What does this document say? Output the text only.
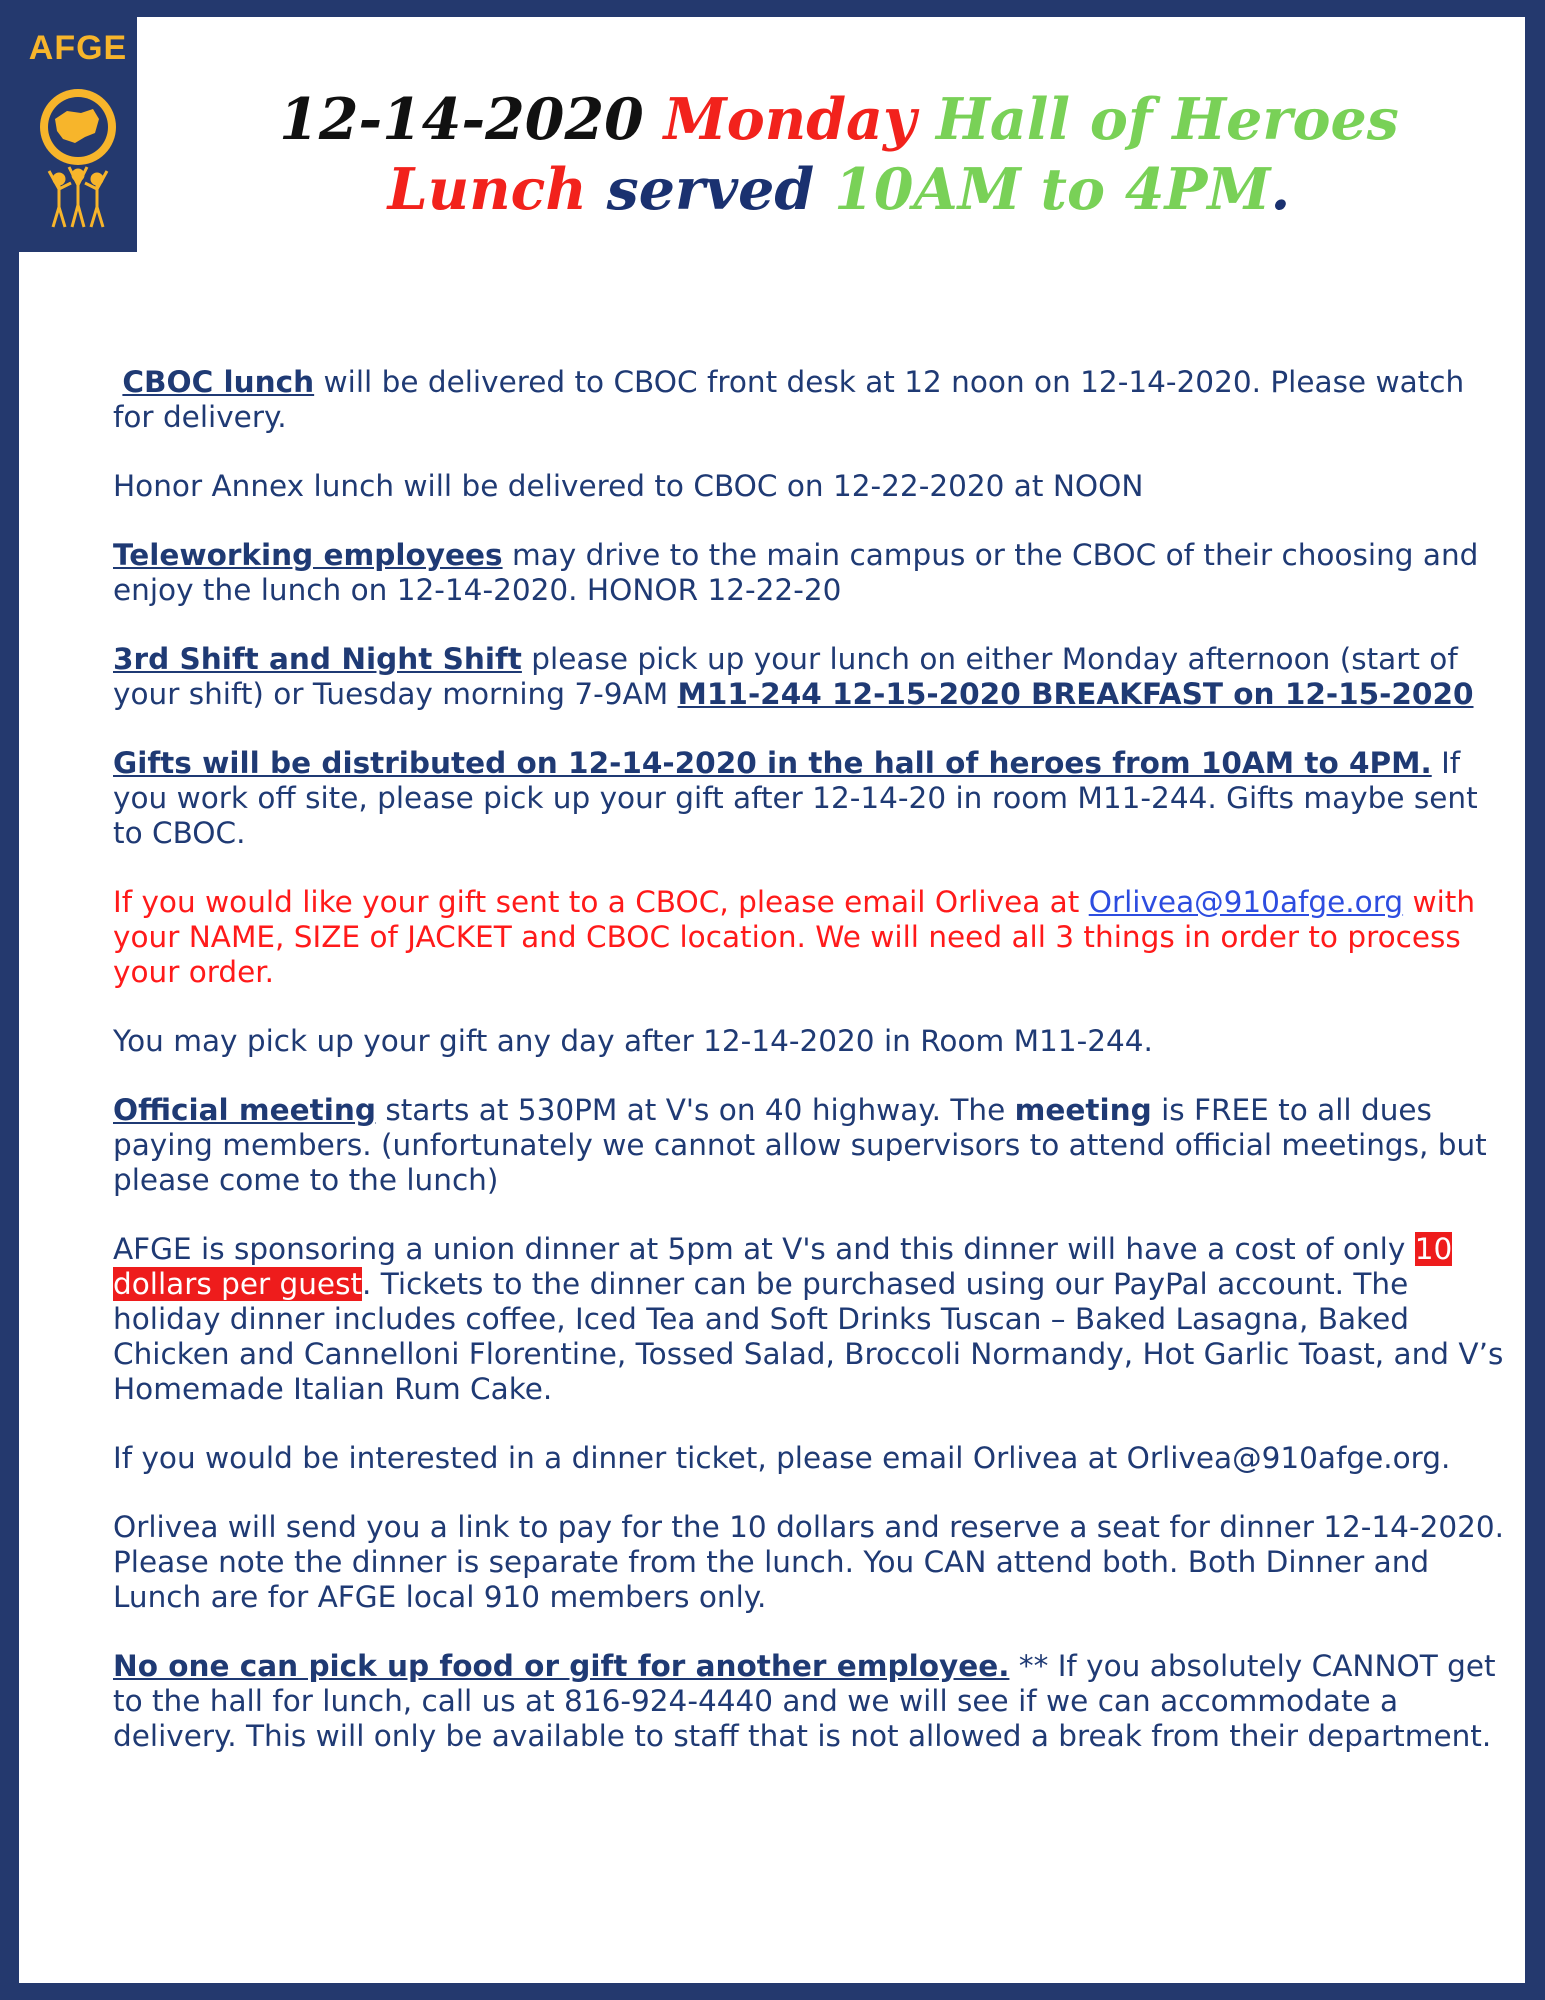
AFGE
12-14-2020 Monday Hall of Heroes
Lunch served 10AM to 4PM.

CBOC lunch will be delivered to CBOC front desk at 12 noon on 12-14-2020. Please watch for delivery.

Honor Annex lunch will be delivered to CBOC on 12-22-2020 at NOON

Teleworking employees may drive to the main campus or the CBOC of their choosing and enjoy the lunch on 12-14-2020. HONOR 12-22-20

3rd Shift and Night Shift please pick up your lunch on either Monday afternoon (start of your shift) or Tuesday morning 7-9AM M11-244 12-15-2020 BREAKFAST on 12-15-2020

Gifts will be distributed on 12-14-2020 in the hall of heroes from 10AM to 4PM. If you work off site, please pick up your gift after 12-14-20 in room M11-244. Gifts maybe sent to CBOC.

If you would like your gift sent to a CBOC, please email Orlivea at Orlivea@910afge.org with your NAME, SIZE of JACKET and CBOC location. We will need all 3 things in order to process your order.

You may pick up your gift any day after 12-14-2020 in Room M11-244.

Official meeting starts at 530PM at V's on 40 highway. The meeting is FREE to all dues paying members. (unfortunately we cannot allow supervisors to attend official meetings, but please come to the lunch)

AFGE is sponsoring a union dinner at 5pm at V's and this dinner will have a cost of only 10 dollars per guest. Tickets to the dinner can be purchased using our PayPal account. The holiday dinner includes coffee, Iced Tea and Soft Drinks Tuscan – Baked Lasagna, Baked Chicken and Cannelloni Florentine, Tossed Salad, Broccoli Normandy, Hot Garlic Toast, and V’s Homemade Italian Rum Cake.

If you would be interested in a dinner ticket, please email Orlivea at Orlivea@910afge.org.

Orlivea will send you a link to pay for the 10 dollars and reserve a seat for dinner 12-14-2020. Please note the dinner is separate from the lunch. You CAN attend both. Both Dinner and Lunch are for AFGE local 910 members only.

No one can pick up food or gift for another employee. ** If you absolutely CANNOT get to the hall for lunch, call us at 816-924-4440 and we will see if we can accommodate a delivery. This will only be available to staff that is not allowed a break from their department.
